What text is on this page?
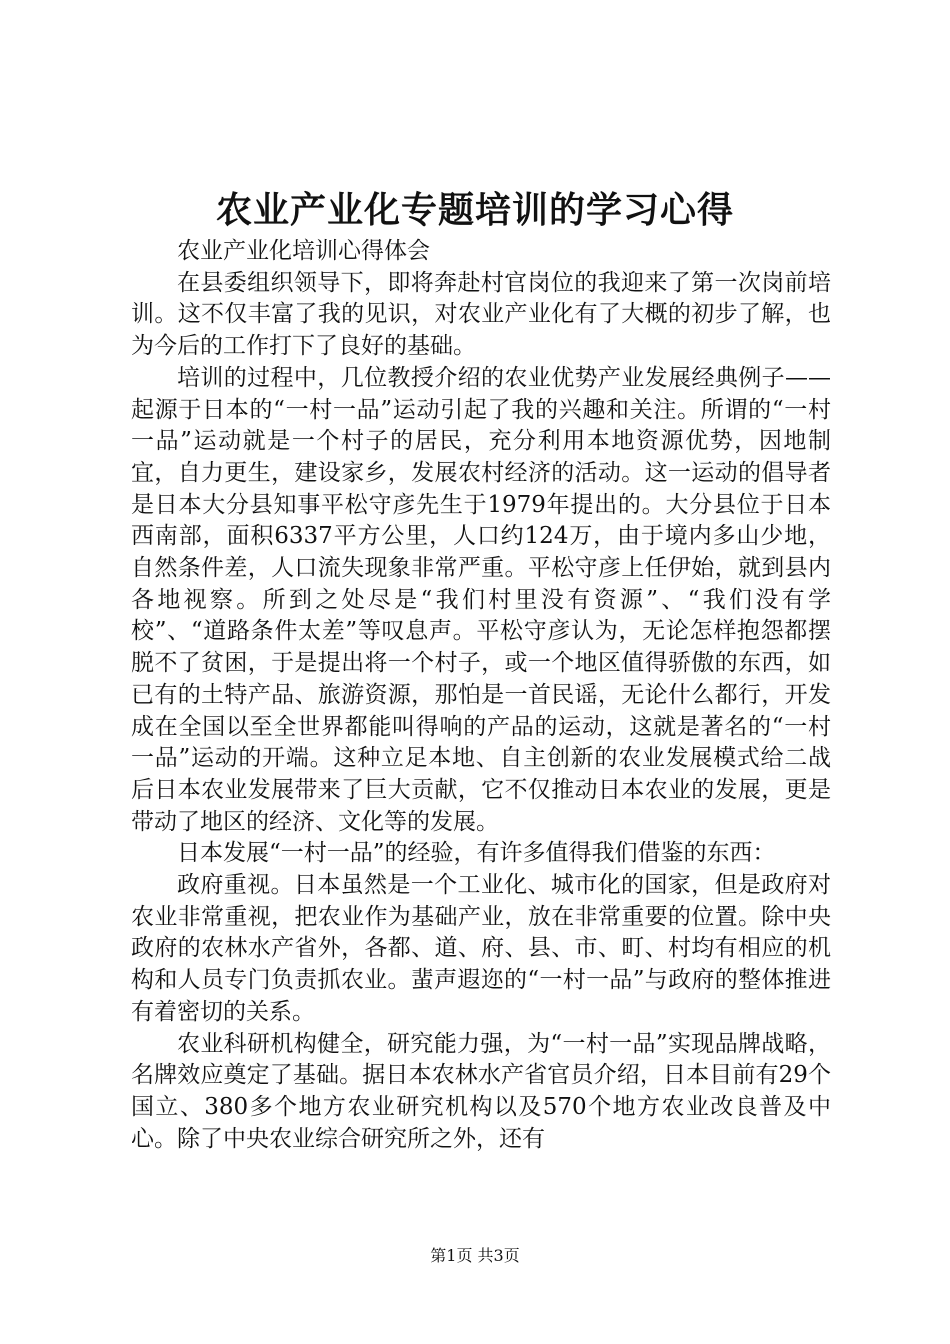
农业产业化专题培训的学习心得

农业产业化培训心得体会

在县委组织领导下，即将奔赴村官岗位的我迎来了第一次岗前培训。这不仅丰富了我的见识，对农业产业化有了大概的初步了解，也为今后的工作打下了良好的基础。

培训的过程中，几位教授介绍的农业优势产业发展经典例子——起源于日本的“一村一品”运动引起了我的兴趣和关注。所谓的“一村一品”运动就是一个村子的居民，充分利用本地资源优势，因地制宜，自力更生，建设家乡，发展农村经济的活动。这一运动的倡导者是日本大分县知事平松守彦先生于1979年提出的。大分县位于日本西南部，面积6337平方公里，人口约124万，由于境内多山少地，自然条件差，人口流失现象非常严重。平松守彦上任伊始，就到县内各地视察。所到之处尽是“我们村里没有资源”、“我们没有学校”、“道路条件太差”等叹息声。平松守彦认为，无论怎样抱怨都摆脱不了贫困，于是提出将一个村子，或一个地区值得骄傲的东西，如已有的土特产品、旅游资源，那怕是一首民谣，无论什么都行，开发成在全国以至全世界都能叫得响的产品的运动，这就是著名的“一村一品”运动的开端。这种立足本地、自主创新的农业发展模式给二战后日本农业发展带来了巨大贡献，它不仅推动日本农业的发展，更是带动了地区的经济、文化等的发展。

日本发展“一村一品”的经验，有许多值得我们借鉴的东西：

政府重视。日本虽然是一个工业化、城市化的国家，但是政府对农业非常重视，把农业作为基础产业，放在非常重要的位置。除中央政府的农林水产省外，各都、道、府、县、市、町、村均有相应的机构和人员专门负责抓农业。蜚声遐迩的“一村一品”与政府的整体推进有着密切的关系。

农业科研机构健全，研究能力强，为“一村一品”实现品牌战略，名牌效应奠定了基础。据日本农林水产省官员介绍，日本目前有29个国立、380多个地方农业研究机构以及570个地方农业改良普及中心。除了中央农业综合研究所之外，还有

第1页 共3页
